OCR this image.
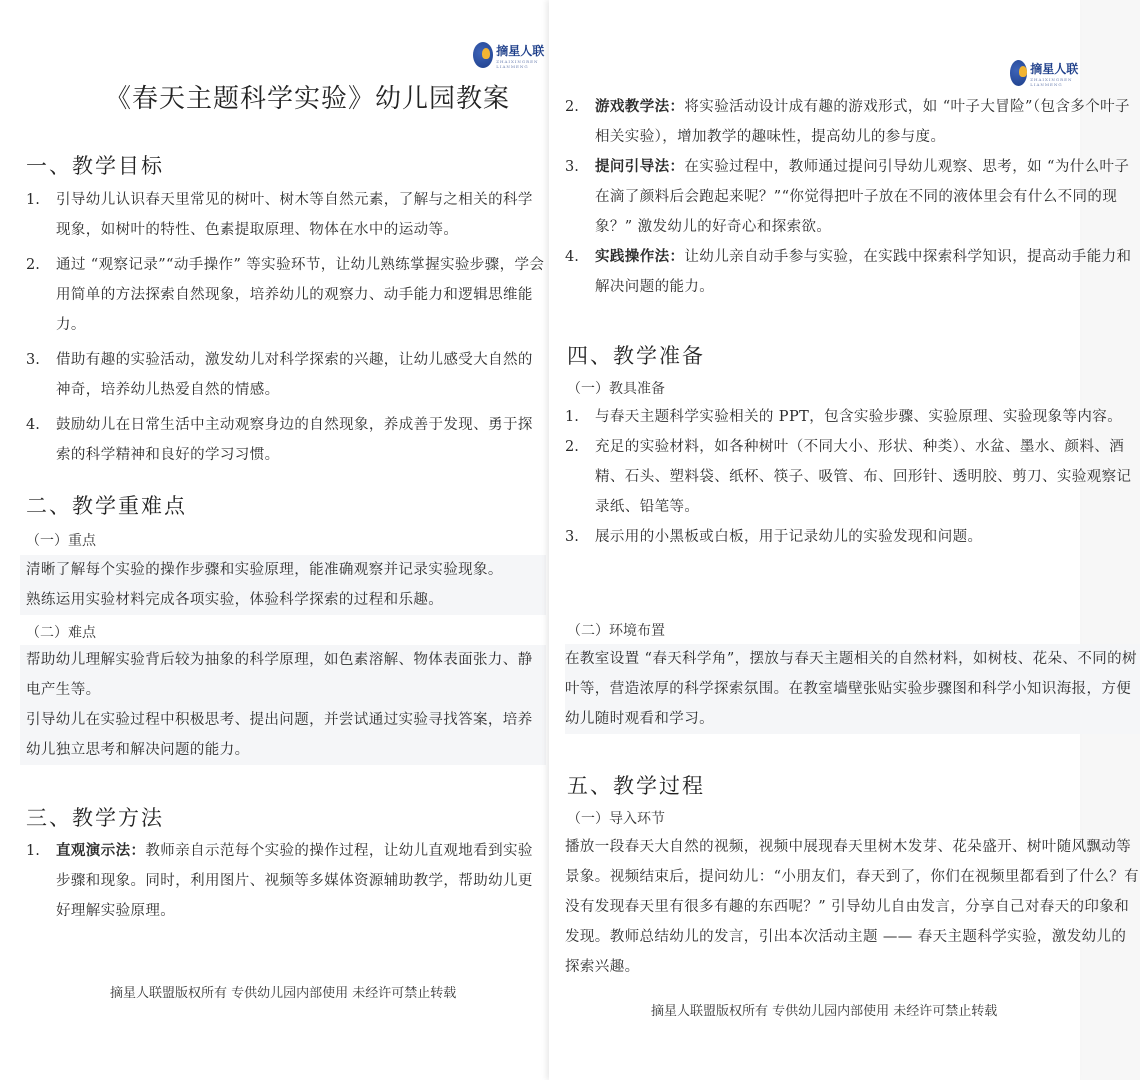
摘星人联
ZHAIXINGREN LIANMENG
《春天主题科学实验》幼儿园教案
一、教学目标
1.	引导幼儿认识春天里常见的树叶、树木等自然元素，了解与之相关的科学现象，如树叶的特性、色素提取原理、物体在水中的运动等。
2.	通过 “观察记录”“动手操作” 等实验环节，让幼儿熟练掌握实验步骤，学会用简单的方法探索自然现象，培养幼儿的观察力、动手能力和逻辑思维能力。
3.	借助有趣的实验活动，激发幼儿对科学探索的兴趣，让幼儿感受大自然的神奇，培养幼儿热爱自然的情感。
4.	鼓励幼儿在日常生活中主动观察身边的自然现象，养成善于发现、勇于探索的科学精神和良好的学习习惯。
二、教学重难点
（一）重点
清晰了解每个实验的操作步骤和实验原理，能准确观察并记录实验现象。
熟练运用实验材料完成各项实验，体验科学探索的过程和乐趣。
（二）难点
帮助幼儿理解实验背后较为抽象的科学原理，如色素溶解、物体表面张力、静电产生等。
引导幼儿在实验过程中积极思考、提出问题，并尝试通过实验寻找答案，培养幼儿独立思考和解决问题的能力。
三、教学方法
1.	直观演示法：教师亲自示范每个实验的操作过程，让幼儿直观地看到实验步骤和现象。同时，利用图片、视频等多媒体资源辅助教学，帮助幼儿更好理解实验原理。
摘星人联盟版权所有 专供幼儿园内部使用 未经许可禁止转载
摘星人联
ZHAIXINGREN LIANMENG
2.	游戏教学法：将实验活动设计成有趣的游戏形式，如 “叶子大冒险”（包含多个叶子相关实验），增加教学的趣味性，提高幼儿的参与度。
3.	提问引导法：在实验过程中，教师通过提问引导幼儿观察、思考，如 “为什么叶子在滴了颜料后会跑起来呢？”“你觉得把叶子放在不同的液体里会有什么不同的现象？” 激发幼儿的好奇心和探索欲。
4.	实践操作法：让幼儿亲自动手参与实验，在实践中探索科学知识，提高动手能力和解决问题的能力。
四、教学准备
（一）教具准备
1.	与春天主题科学实验相关的 PPT，包含实验步骤、实验原理、实验现象等内容。
2.	充足的实验材料，如各种树叶（不同大小、形状、种类）、水盆、墨水、颜料、酒精、石头、塑料袋、纸杯、筷子、吸管、布、回形针、透明胶、剪刀、实验观察记录纸、铅笔等。
3.	展示用的小黑板或白板，用于记录幼儿的实验发现和问题。
（二）环境布置
在教室设置 “春天科学角”，摆放与春天主题相关的自然材料，如树枝、花朵、不同的树叶等，营造浓厚的科学探索氛围。在教室墙壁张贴实验步骤图和科学小知识海报，方便幼儿随时观看和学习。
五、教学过程
（一）导入环节
播放一段春天大自然的视频，视频中展现春天里树木发芽、花朵盛开、树叶随风飘动等景象。视频结束后，提问幼儿：“小朋友们，春天到了，你们在视频里都看到了什么？有没有发现春天里有很多有趣的东西呢？” 引导幼儿自由发言，分享自己对春天的印象和发现。教师总结幼儿的发言，引出本次活动主题 —— 春天主题科学实验，激发幼儿的探索兴趣。
摘星人联盟版权所有 专供幼儿园内部使用 未经许可禁止转载
